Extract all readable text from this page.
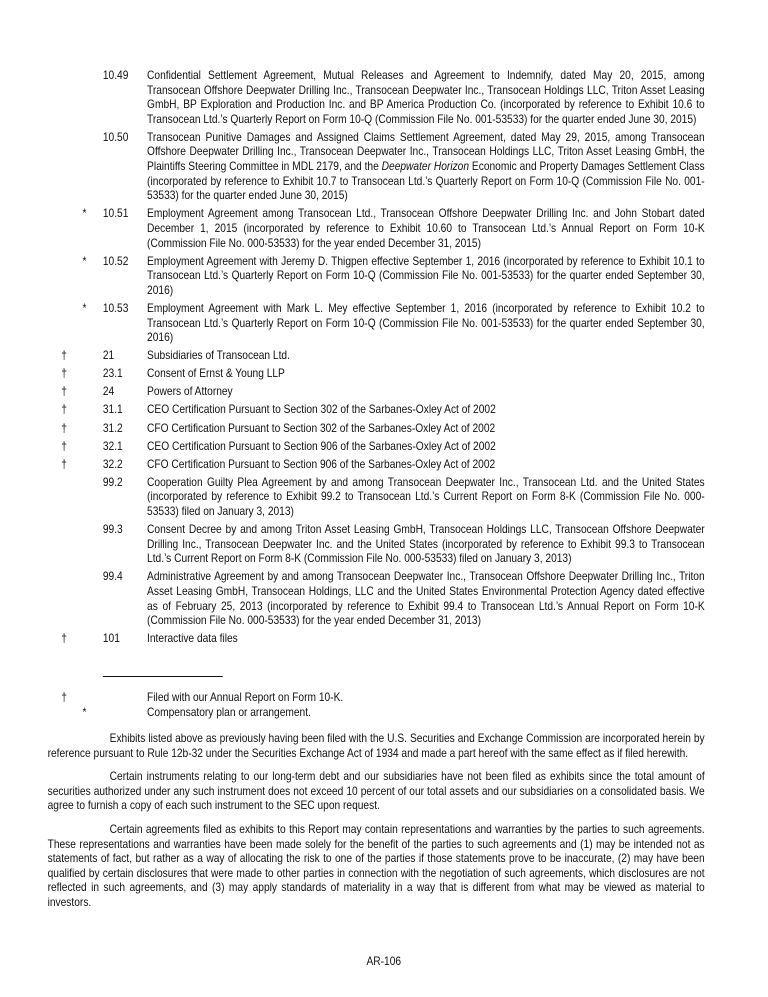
10.49 Confidential Settlement Agreement, Mutual Releases and Agreement to Indemnify, dated May 20, 2015, among Transocean Offshore Deepwater Drilling Inc., Transocean Deepwater Inc., Transocean Holdings LLC, Triton Asset Leasing GmbH, BP Exploration and Production Inc. and BP America Production Co. (incorporated by reference to Exhibit 10.6 to Transocean Ltd.’s Quarterly Report on Form 10-Q (Commission File No. 001-53533) for the quarter ended June 30, 2015)
10.50 Transocean Punitive Damages and Assigned Claims Settlement Agreement, dated May 29, 2015, among Transocean Offshore Deepwater Drilling Inc., Transocean Deepwater Inc., Transocean Holdings LLC, Triton Asset Leasing GmbH, the Plaintiffs Steering Committee in MDL 2179, and the Deepwater Horizon Economic and Property Damages Settlement Class (incorporated by reference to Exhibit 10.7 to Transocean Ltd.’s Quarterly Report on Form 10-Q (Commission File No. 001-53533) for the quarter ended June 30, 2015)
* 10.51 Employment Agreement among Transocean Ltd., Transocean Offshore Deepwater Drilling Inc. and John Stobart dated December 1, 2015 (incorporated by reference to Exhibit 10.60 to Transocean Ltd.’s Annual Report on Form 10-K (Commission File No. 000-53533) for the year ended December 31, 2015)
* 10.52 Employment Agreement with Jeremy D. Thigpen effective September 1, 2016 (incorporated by reference to Exhibit 10.1 to Transocean Ltd.’s Quarterly Report on Form 10-Q (Commission File No. 001-53533) for the quarter ended September 30, 2016)
* 10.53 Employment Agreement with Mark L. Mey effective September 1, 2016 (incorporated by reference to Exhibit 10.2 to Transocean Ltd.’s Quarterly Report on Form 10-Q (Commission File No. 001-53533) for the quarter ended September 30, 2016)
†	21	Subsidiaries of Transocean Ltd.
†	23.1 Consent of Ernst & Young LLP
†	24	Powers of Attorney
†	31.1 CEO Certification Pursuant to Section 302 of the Sarbanes-Oxley Act of 2002
†	31.2 CFO Certification Pursuant to Section 302 of the Sarbanes-Oxley Act of 2002
†	32.1 CEO Certification Pursuant to Section 906 of the Sarbanes-Oxley Act of 2002
†	32.2 CFO Certification Pursuant to Section 906 of the Sarbanes-Oxley Act of 2002
99.2 Cooperation Guilty Plea Agreement by and among Transocean Deepwater Inc., Transocean Ltd. and the United States (incorporated by reference to Exhibit 99.2 to Transocean Ltd.’s Current Report on Form 8-K (Commission File No. 000-53533) filed on January 3, 2013)
99.3 Consent Decree by and among Triton Asset Leasing GmbH, Transocean Holdings LLC, Transocean Offshore Deepwater Drilling Inc., Transocean Deepwater Inc. and the United States (incorporated by reference to Exhibit 99.3 to Transocean Ltd.’s Current Report on Form 8-K (Commission File No. 000-53533) filed on January 3, 2013)
99.4 Administrative Agreement by and among Transocean Deepwater Inc., Transocean Offshore Deepwater Drilling Inc., Triton Asset Leasing GmbH, Transocean Holdings, LLC and the United States Environmental Protection Agency dated effective as of February 25, 2013 (incorporated by reference to Exhibit 99.4 to Transocean Ltd.’s Annual Report on Form 10-K (Commission File No. 000-53533) for the year ended December 31, 2013)
†	101 Interactive data files
†	Filed with our Annual Report on Form 10-K.
*	Compensatory plan or arrangement.

Exhibits listed above as previously having been filed with the U.S. Securities and Exchange Commission are incorporated herein by reference pursuant to Rule 12b-32 under the Securities Exchange Act of 1934 and made a part hereof with the same effect as if filed herewith.

Certain instruments relating to our long-term debt and our subsidiaries have not been filed as exhibits since the total amount of securities authorized under any such instrument does not exceed 10 percent of our total assets and our subsidiaries on a consolidated basis. We agree to furnish a copy of each such instrument to the SEC upon request.

Certain agreements filed as exhibits to this Report may contain representations and warranties by the parties to such agreements. These representations and warranties have been made solely for the benefit of the parties to such agreements and (1) may be intended not as statements of fact, but rather as a way of allocating the risk to one of the parties if those statements prove to be inaccurate, (2) may have been qualified by certain disclosures that were made to other parties in connection with the negotiation of such agreements, which disclosures are not reflected in such agreements, and (3) may apply standards of materiality in a way that is different from what may be viewed as material to investors.

AR-106
